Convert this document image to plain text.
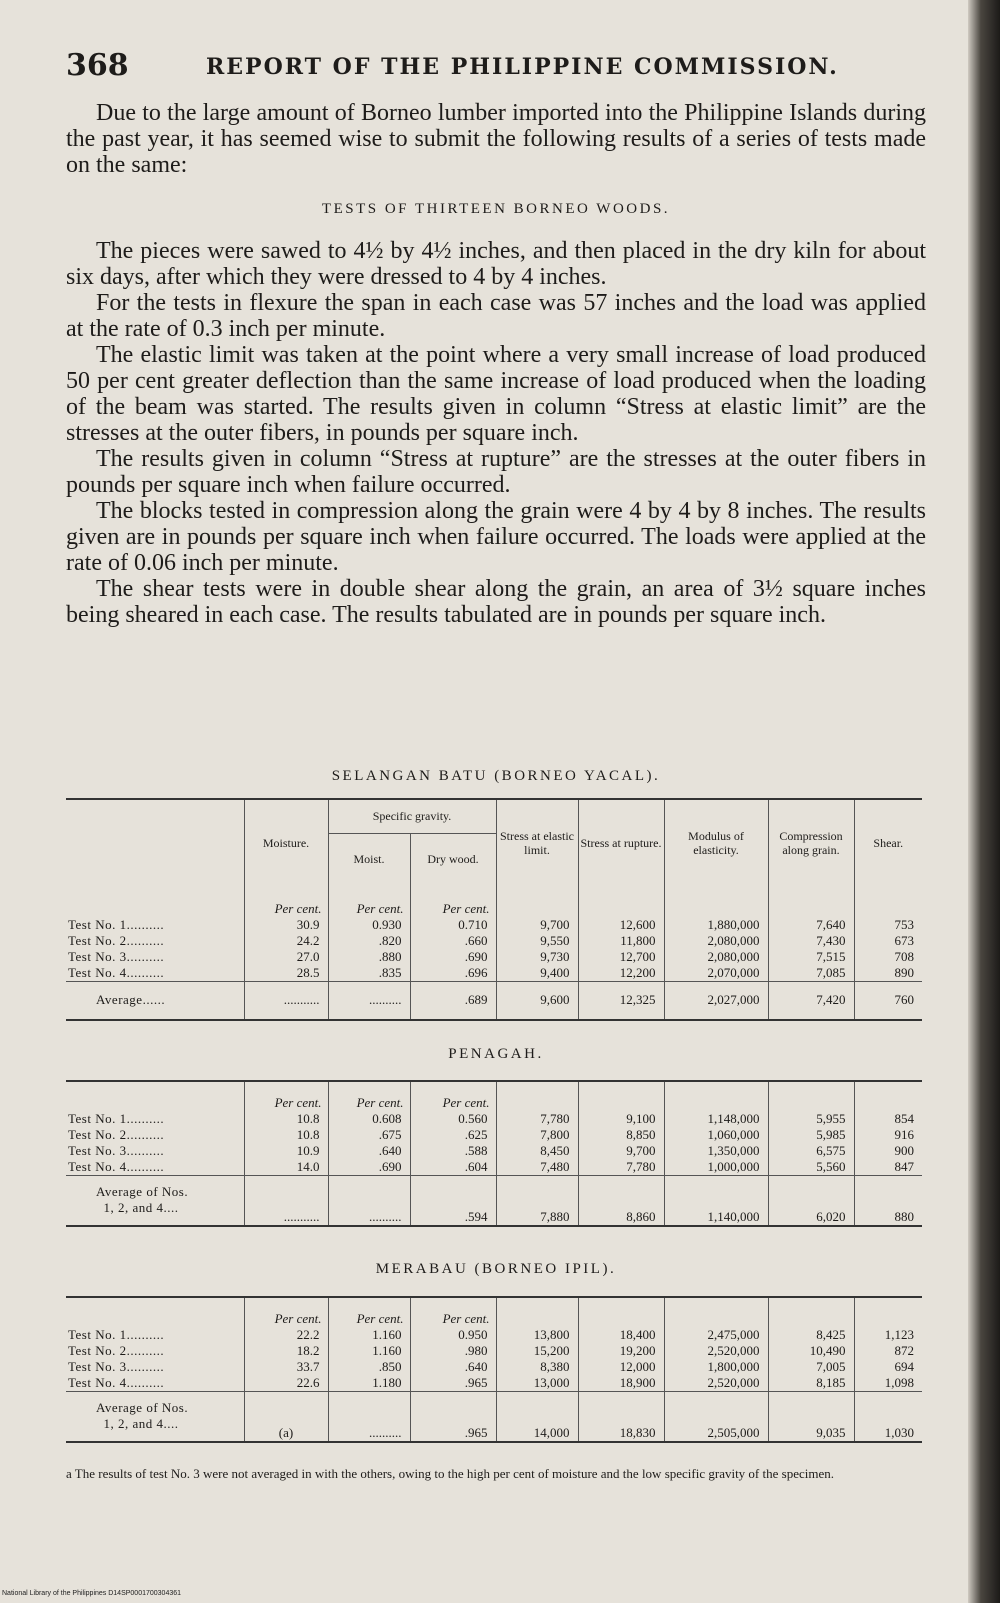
368	REPORT OF THE PHILIPPINE COMMISSION.

Due to the large amount of Borneo lumber imported into the Philippine Islands during the past year, it has seemed wise to submit the following results of a series of tests made on the same:

TESTS OF THIRTEEN BORNEO WOODS.

The pieces were sawed to 4½ by 4½ inches, and then placed in the dry kiln for about six days, after which they were dressed to 4 by 4 inches.

For the tests in flexure the span in each case was 57 inches and the load was applied at the rate of 0.3 inch per minute.

The elastic limit was taken at the point where a very small increase of load produced 50 per cent greater deflection than the same increase of load produced when the loading of the beam was started. The results given in column “Stress at elastic limit” are the stresses at the outer fibers, in pounds per square inch.

The results given in column “Stress at rupture” are the stresses at the outer fibers in pounds per square inch when failure occurred.

The blocks tested in compression along the grain were 4 by 4 by 8 inches. The results given are in pounds per square inch when failure occurred. The loads were applied at the rate of 0.06 inch per minute.

The shear tests were in double shear along the grain, an area of 3½ square inches being sheared in each case. The results tabulated are in pounds per square inch.

SELANGAN BATU (BORNEO YACAL).
	Moisture.	Specific gravity.		Stress at elastic limit.	Stress at rupture.	Modulus of elasticity.	Compression along grain.	Shear.
		Moist.	Dry wood.					
	Per cent.	Per cent.	Per cent.					
Test No. 1..........	30.9	0.930	0.710	9,700	12,600	1,880,000	7,640	753
Test No. 2..........	24.2	.820	.660	9,550	11,800	2,080,000	7,430	673
Test No. 3..........	27.0	.880	.690	9,730	12,700	2,080,000	7,515	708
Test No. 4..........	28.5	.835	.696	9,400	12,200	2,070,000	7,085	890
Average......	...........	..........	.689	9,600	12,325	2,027,000	7,420	760
PENAGAH.
	Per cent.	Per cent.	Per cent.					
Test No. 1..........	10.8	0.608	0.560	7,780	9,100	1,148,000	5,955	854
Test No. 2..........	10.8	.675	.625	7,800	8,850	1,060,000	5,985	916
Test No. 3..........	10.9	.640	.588	8,450	9,700	1,350,000	6,575	900
Test No. 4..........	14.0	.690	.604	7,480	7,780	1,000,000	5,560	847
Average of Nos.
1, 2, and 4....	...........	..........	.594	7,880	8,860	1,140,000	6,020	880
MERABAU (BORNEO IPIL).
	Per cent.	Per cent.	Per cent.					
Test No. 1..........	22.2	1.160	0.950	13,800	18,400	2,475,000	8,425	1,123
Test No. 2..........	18.2	1.160	.980	15,200	19,200	2,520,000	10,490	872
Test No. 3..........	33.7	.850	.640	8,380	12,000	1,800,000	7,005	694
Test No. 4..........	22.6	1.180	.965	13,000	18,900	2,520,000	8,185	1,098
Average of Nos.
1, 2, and 4....	(a)	..........	.965	14,000	18,830	2,505,000	9,035	1,030
a The results of test No. 3 were not averaged in with the others, owing to the high per cent of moisture and the low specific gravity of the specimen.
National Library of the Philippines D14SP0001700304361
